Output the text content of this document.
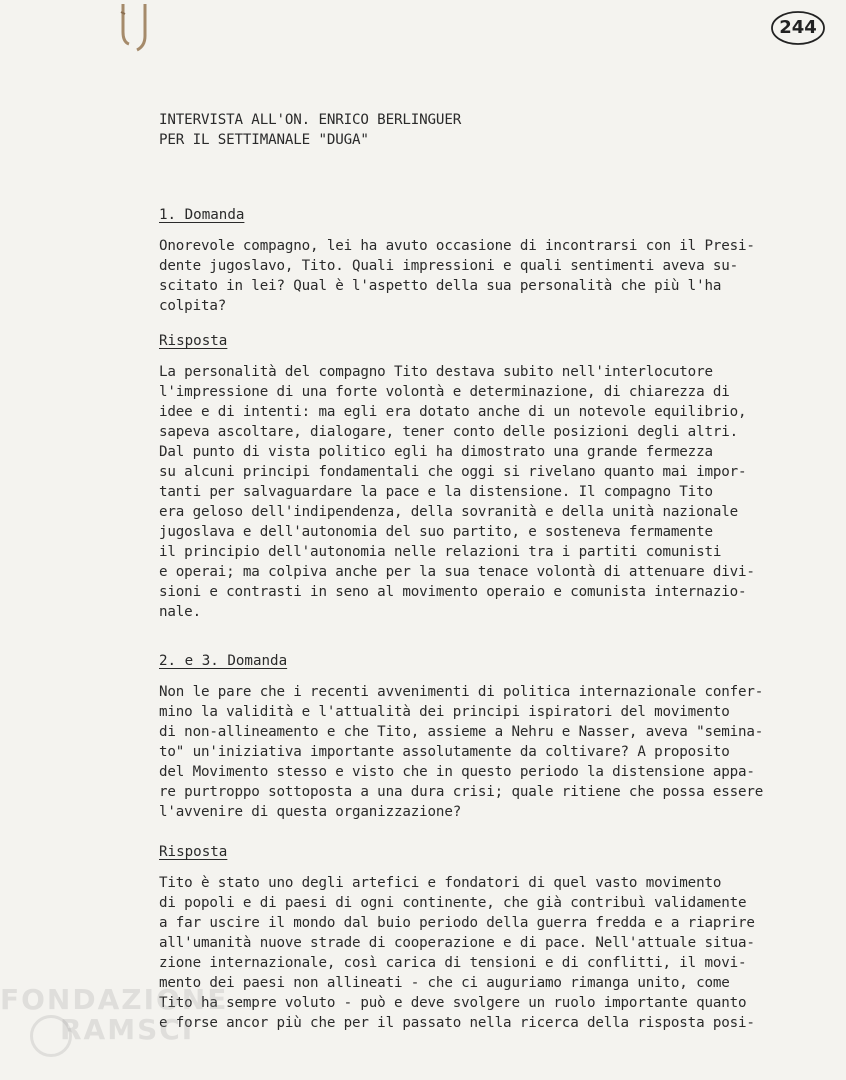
244
INTERVISTA ALL'ON. ENRICO BERLINGUER
PER IL SETTIMANALE "DUGA"
1. Domanda
Onorevole compagno, lei ha avuto occasione di incontrarsi con il Presi-
dente jugoslavo, Tito. Quali impressioni e quali sentimenti aveva su-
scitato in lei? Qual è l'aspetto della sua personalità che più l'ha
colpita?
Risposta
La personalità del compagno Tito destava subito nell'interlocutore
l'impressione di una forte volontà e determinazione, di chiarezza di
idee e di intenti: ma egli era dotato anche di un notevole equilibrio,
sapeva ascoltare, dialogare, tener conto delle posizioni degli altri.
Dal punto di vista politico egli ha dimostrato una grande fermezza
su alcuni principi fondamentali che oggi si rivelano quanto mai impor-
tanti per salvaguardare la pace e la distensione. Il compagno Tito
era geloso dell'indipendenza, della sovranità e della unità nazionale
jugoslava e dell'autonomia del suo partito, e sosteneva fermamente
il principio dell'autonomia nelle relazioni tra i partiti comunisti
e operai; ma colpiva anche per la sua tenace volontà di attenuare divi-
sioni e contrasti in seno al movimento operaio e comunista internazio-
nale.
2. e 3. Domanda
Non le pare che i recenti avvenimenti di politica internazionale confer-
mino la validità e l'attualità dei principi ispiratori del movimento
di non-allineamento e che Tito, assieme a Nehru e Nasser, aveva "semina-
to" un'iniziativa importante assolutamente da coltivare? A proposito
del Movimento stesso e visto che in questo periodo la distensione appa-
re purtroppo sottoposta a una dura crisi; quale ritiene che possa essere
l'avvenire di questa organizzazione?
Risposta
Tito è stato uno degli artefici e fondatori di quel vasto movimento
di popoli e di paesi di ogni continente, che già contribuì validamente
a far uscire il mondo dal buio periodo della guerra fredda e a riaprire
all'umanità nuove strade di cooperazione e di pace. Nell'attuale situa-
zione internazionale, così carica di tensioni e di conflitti, il movi-
mento dei paesi non allineati - che ci auguriamo rimanga unito, come
Tito ha sempre voluto - può e deve svolgere un ruolo importante quanto
e forse ancor più che per il passato nella ricerca della risposta posi-
FONDAZIONE
RAMSCI
